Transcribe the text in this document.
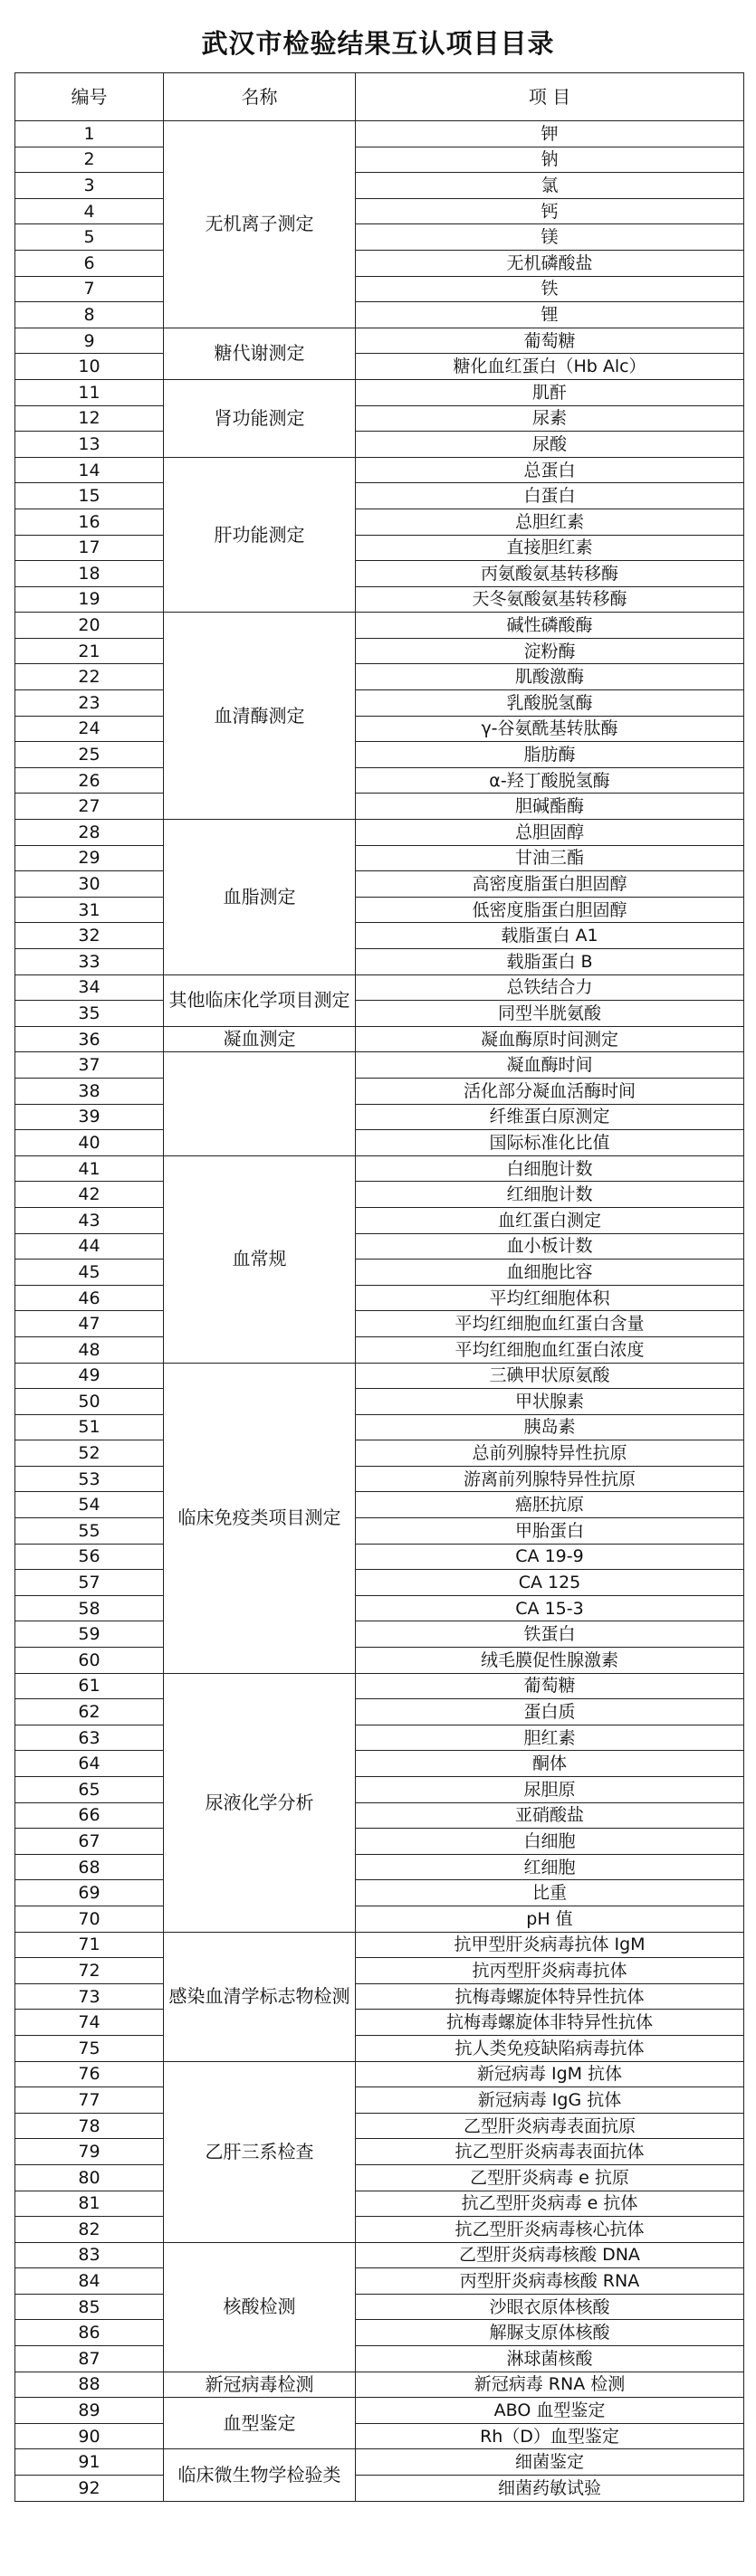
武汉市检验结果互认项目目录
编号	名称	项 目
1	无机离子测定	钾
2		钠
3		氯
4		钙
5		镁
6		无机磷酸盐
7		铁
8		锂
9	糖代谢测定	葡萄糖
10		糖化血红蛋白（Hb Alc）
11	肾功能测定	肌酐
12		尿素
13		尿酸
14	肝功能测定	总蛋白
15		白蛋白
16		总胆红素
17		直接胆红素
18		丙氨酸氨基转移酶
19		天冬氨酸氨基转移酶
20	血清酶测定	碱性磷酸酶
21		淀粉酶
22		肌酸激酶
23		乳酸脱氢酶
24		γ-谷氨酰基转肽酶
25		脂肪酶
26		α-羟丁酸脱氢酶
27		胆碱酯酶
28	血脂测定	总胆固醇
29		甘油三酯
30		高密度脂蛋白胆固醇
31		低密度脂蛋白胆固醇
32		载脂蛋白 A1
33		载脂蛋白 B
34	其他临床化学项目测定	总铁结合力
35		同型半胱氨酸
36	凝血测定	凝血酶原时间测定
37		凝血酶时间
38		活化部分凝血活酶时间
39		纤维蛋白原测定
40		国际标准化比值
41	血常规	白细胞计数
42		红细胞计数
43		血红蛋白测定
44		血小板计数
45		血细胞比容
46		平均红细胞体积
47		平均红细胞血红蛋白含量
48		平均红细胞血红蛋白浓度
49	临床免疫类项目测定	三碘甲状原氨酸
50		甲状腺素
51		胰岛素
52		总前列腺特异性抗原
53		游离前列腺特异性抗原
54		癌胚抗原
55		甲胎蛋白
56		CA 19-9
57		CA 125
58		CA 15-3
59		铁蛋白
60		绒毛膜促性腺激素
61	尿液化学分析	葡萄糖
62		蛋白质
63		胆红素
64		酮体
65		尿胆原
66		亚硝酸盐
67		白细胞
68		红细胞
69		比重
70		pH 值
71	感染血清学标志物检测	抗甲型肝炎病毒抗体 IgM
72		抗丙型肝炎病毒抗体
73		抗梅毒螺旋体特异性抗体
74		抗梅毒螺旋体非特异性抗体
75		抗人类免疫缺陷病毒抗体
76	乙肝三系检查	新冠病毒 IgM 抗体
77		新冠病毒 IgG 抗体
78		乙型肝炎病毒表面抗原
79		抗乙型肝炎病毒表面抗体
80		乙型肝炎病毒 e 抗原
81		抗乙型肝炎病毒 e 抗体
82		抗乙型肝炎病毒核心抗体
83	核酸检测	乙型肝炎病毒核酸 DNA
84		丙型肝炎病毒核酸 RNA
85		沙眼衣原体核酸
86		解脲支原体核酸
87		淋球菌核酸
88	新冠病毒检测	新冠病毒 RNA 检测
89	血型鉴定	ABO 血型鉴定
90		Rh（D）血型鉴定
91	临床微生物学检验类	细菌鉴定
92		细菌药敏试验
